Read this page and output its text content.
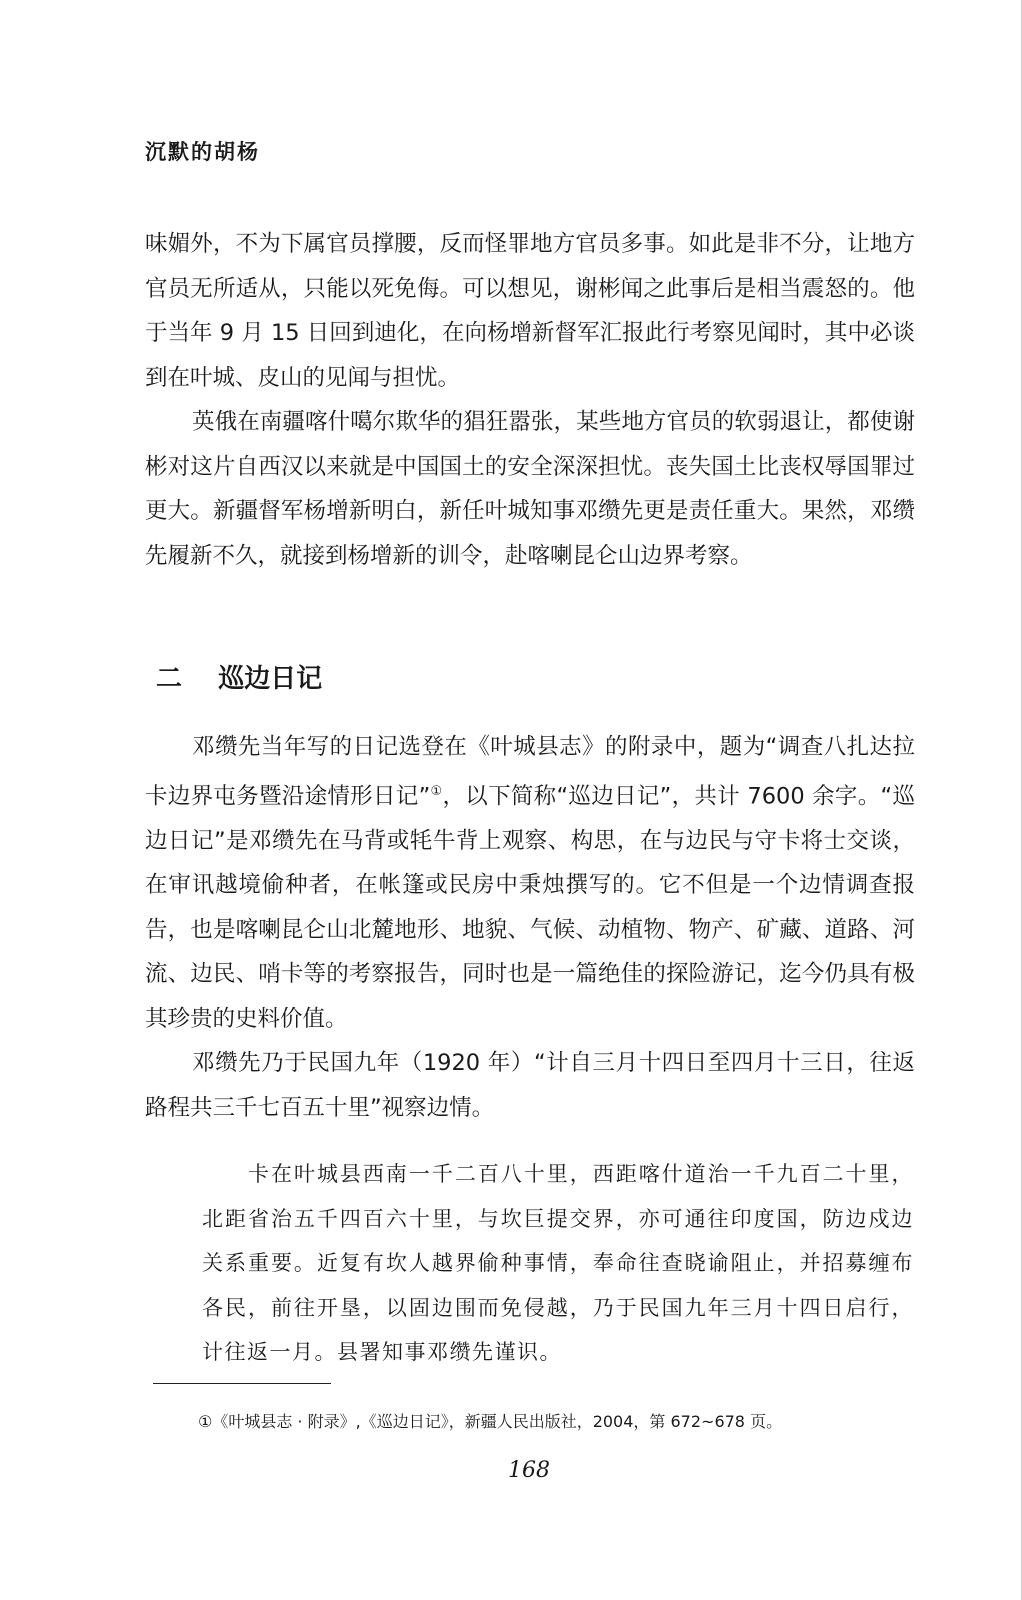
沉默的胡杨

味媚外，不为下属官员撑腰，反而怪罪地方官员多事。如此是非不分，让地方官员无所适从，只能以死免侮。可以想见，谢彬闻之此事后是相当震怒的。他于当年 9 月 15 日回到迪化，在向杨增新督军汇报此行考察见闻时，其中必谈到在叶城、皮山的见闻与担忧。

英俄在南疆喀什噶尔欺华的猖狂嚣张，某些地方官员的软弱退让，都使谢彬对这片自西汉以来就是中国国土的安全深深担忧。丧失国土比丧权辱国罪过更大。新疆督军杨增新明白，新任叶城知事邓缵先更是责任重大。果然，邓缵先履新不久，就接到杨增新的训令，赴喀喇昆仑山边界考察。

二 巡边日记

邓缵先当年写的日记选登在《叶城县志》的附录中，题为“调查八扎达拉卡边界屯务暨沿途情形日记”①，以下简称“巡边日记”，共计 7600 余字。“巡边日记”是邓缵先在马背或牦牛背上观察、构思，在与边民与守卡将士交谈，在审讯越境偷种者，在帐篷或民房中秉烛撰写的。它不但是一个边情调查报告，也是喀喇昆仑山北麓地形、地貌、气候、动植物、物产、矿藏、道路、河流、边民、哨卡等的考察报告，同时也是一篇绝佳的探险游记，迄今仍具有极其珍贵的史料价值。

邓缵先乃于民国九年（1920 年）“计自三月十四日至四月十三日，往返路程共三千七百五十里”视察边情。

卡在叶城县西南一千二百八十里，西距喀什道治一千九百二十里，北距省治五千四百六十里，与坎巨提交界，亦可通往印度国，防边戍边关系重要。近复有坎人越界偷种事情，奉命往查晓谕阻止，并招募缠布各民，前往开垦，以固边围而免侵越，乃于民国九年三月十四日启行，计往返一月。县署知事邓缵先谨识。

①《叶城县志 · 附录》,《巡边日记》，新疆人民出版社，2004，第 672~678 页。
168
